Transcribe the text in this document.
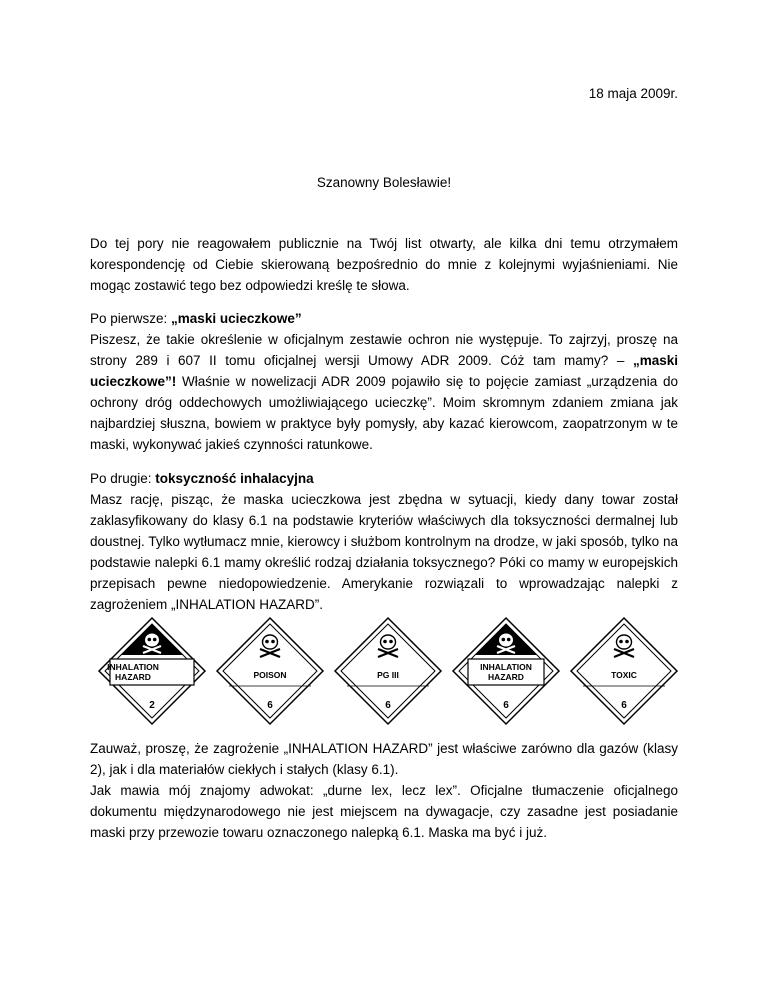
18 maja 2009r.
Szanowny Bolesławie!

Do tej pory nie reagowałem publicznie na Twój list otwarty, ale kilka dni temu otrzymałem korespondencję od Ciebie skierowaną bezpośrednio do mnie z kolejnymi wyjaśnieniami. Nie mogąc zostawić tego bez odpowiedzi kreślę te słowa.

Po pierwsze: „maski ucieczkowe”
Piszesz, że takie określenie w oficjalnym zestawie ochron nie występuje. To zajrzyj, proszę na strony 289 i 607 II tomu oficjalnej wersji Umowy ADR 2009. Cóż tam mamy? – „maski ucieczkowe”! Właśnie w nowelizacji ADR 2009 pojawiło się to pojęcie zamiast „urządzenia do ochrony dróg oddechowych umożliwiającego ucieczkę”. Moim skromnym zdaniem zmiana jak najbardziej słuszna, bowiem w praktyce były pomysły, aby kazać kierowcom, zaopatrzonym w te maski, wykonywać jakieś czynności ratunkowe.

Po drugie: toksyczność inhalacyjna
Masz rację, pisząc, że maska ucieczkowa jest zbędna w sytuacji, kiedy dany towar został zaklasyfikowany do klasy 6.1 na podstawie kryteriów właściwych dla toksyczności dermalnej lub doustnej. Tylko wytłumacz mnie, kierowcy i służbom kontrolnym na drodze, w jaki sposób, tylko na podstawie nalepki 6.1 mamy określić rodzaj działania toksycznego? Póki co mamy w europejskich przepisach pewne niedopowiedzenie. Amerykanie rozwiązali to wprowadzając nalepki z zagrożeniem „INHALATION HAZARD”.

Zauważ, proszę, że zagrożenie „INHALATION HAZARD” jest właściwe zarówno dla gazów (klasy 2), jak i dla materiałów ciekłych i stałych (klasy 6.1).
Jak mawia mój znajomy adwokat: „durne lex, lecz lex”. Oficjalne tłumaczenie oficjalnego dokumentu międzynarodowego nie jest miejscem na dywagacje, czy zasadne jest posiadanie maski przy przewozie towaru oznaczonego nalepką 6.1. Maska ma być i już.

INHALATION
HAZARD
2
POISON
6
PG III
6
INHALATION
HAZARD
6
TOXIC
6
